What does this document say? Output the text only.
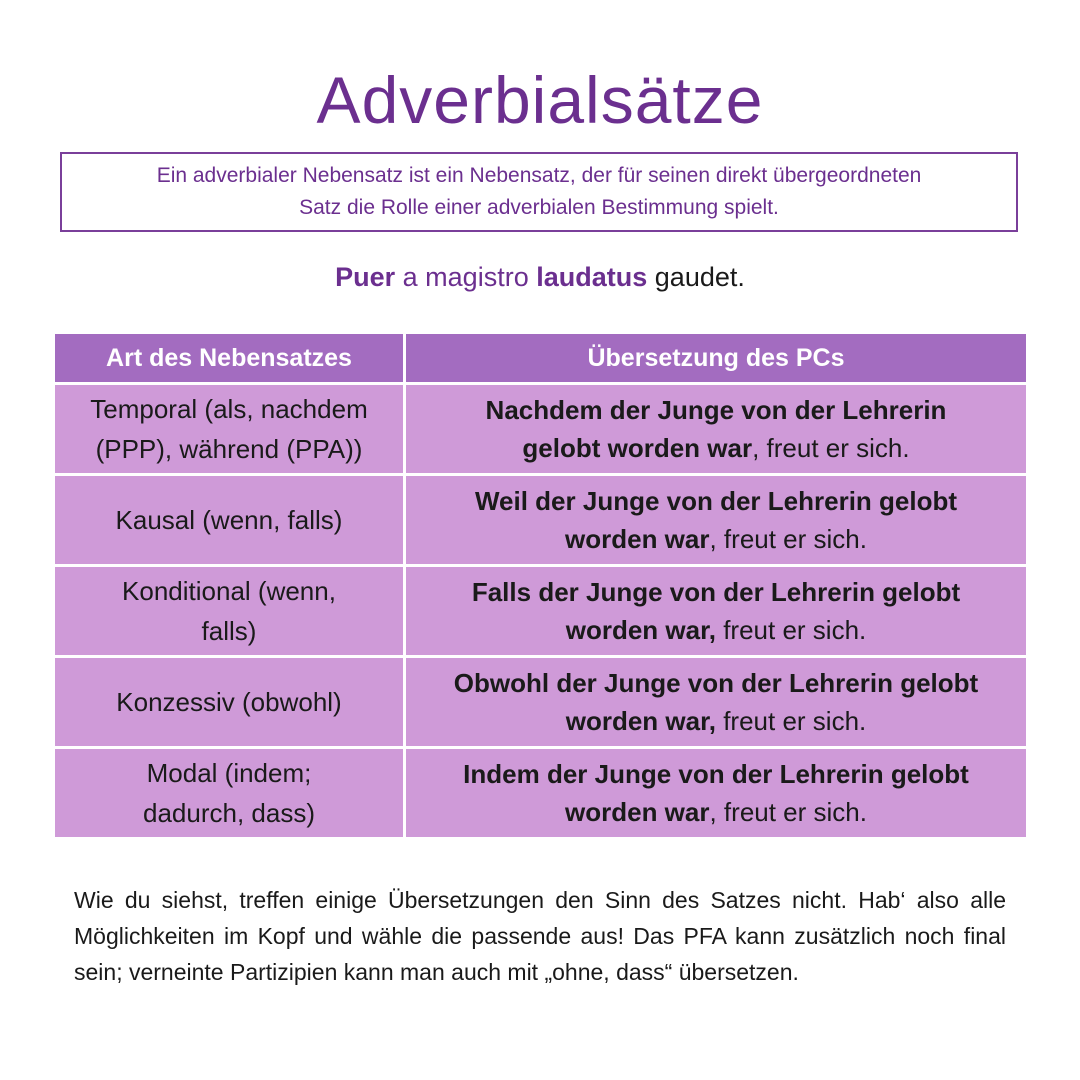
Adverbialsätze
Ein adverbialer Nebensatz ist ein Nebensatz, der für seinen direkt übergeordneten
Satz die Rolle einer adverbialen Bestimmung spielt.
Puer a magistro laudatus gaudet.
Art des Nebensatzes	Übersetzung des PCs
Temporal (als, nachdem
(PPP), während (PPA))	Nachdem der Junge von der Lehrerin
gelobt worden war, freut er sich.
Kausal (wenn, falls)	Weil der Junge von der Lehrerin gelobt
worden war, freut er sich.
Konditional (wenn,
falls)	Falls der Junge von der Lehrerin gelobt
worden war, freut er sich.
Konzessiv (obwohl)	Obwohl der Junge von der Lehrerin gelobt
worden war, freut er sich.
Modal (indem;
dadurch, dass)	Indem der Junge von der Lehrerin gelobt
worden war, freut er sich.
Wie du siehst, treffen einige Übersetzungen den Sinn des Satzes nicht. Hab‘ also alle Möglichkeiten im Kopf und wähle die passende aus! Das PFA kann zusätzlich noch final sein; verneinte Partizipien kann man auch mit „ohne, dass“ übersetzen.
